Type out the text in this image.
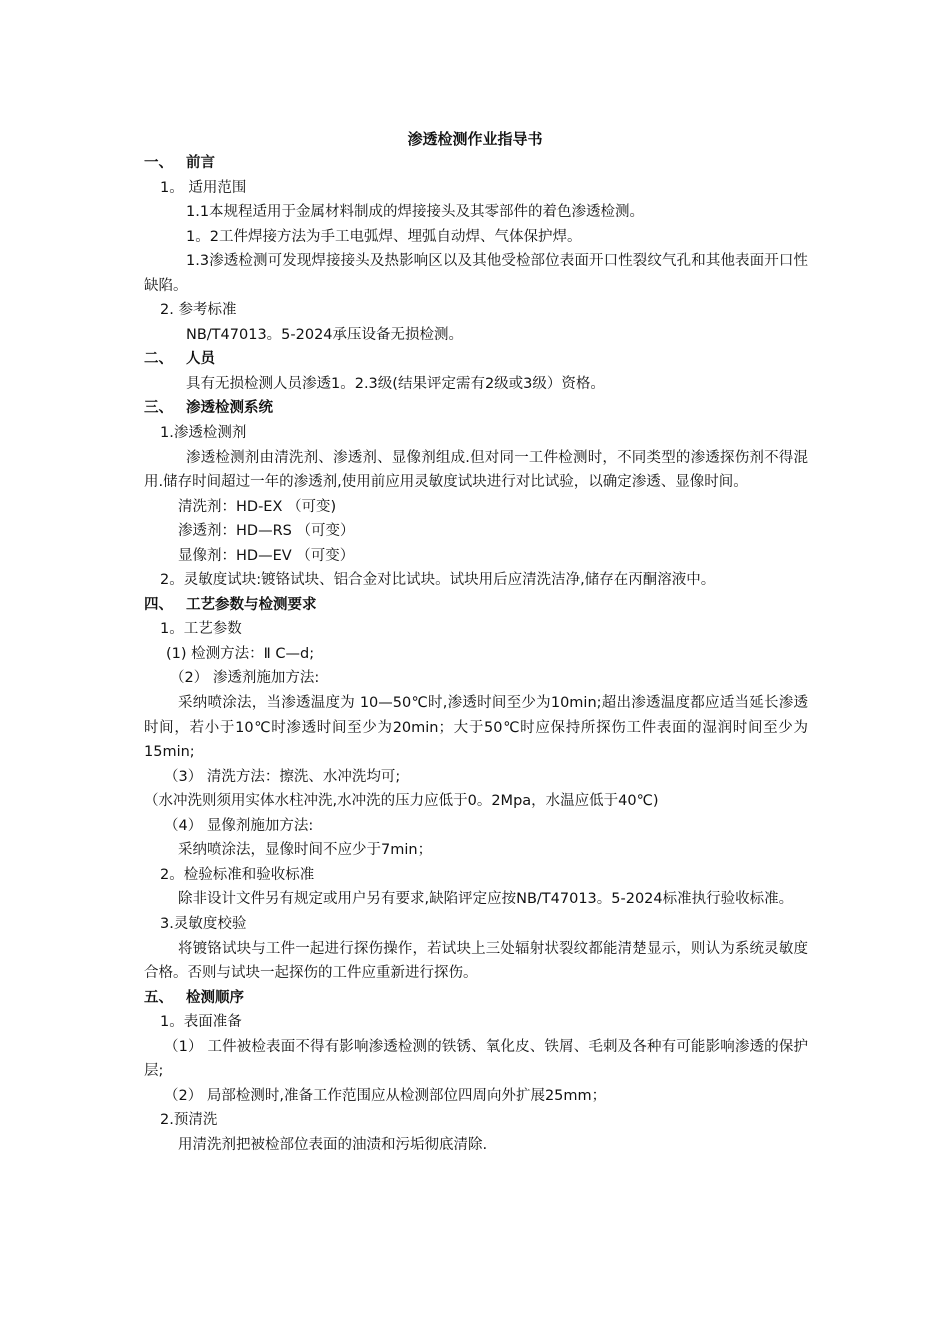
渗透检测作业指导书
一、 前言
1。 适用范围
1.1本规程适用于金属材料制成的焊接接头及其零部件的着色渗透检测。
1。2工件焊接方法为手工电弧焊、埋弧自动焊、气体保护焊。
1.3渗透检测可发现焊接接头及热影响区以及其他受检部位表面开口性裂纹气孔和其他表面开口性缺陷。
2. 参考标准
NB/T47013。5-2024承压设备无损检测。
二、 人员
具有无损检测人员渗透1。2.3级(结果评定需有2级或3级）资格。
三、 渗透检测系统
1.渗透检测剂
渗透检测剂由清洗剂、渗透剂、显像剂组成.但对同一工件检测时，不同类型的渗透探伤剂不得混用.储存时间超过一年的渗透剂,使用前应用灵敏度试块进行对比试验，以确定渗透、显像时间。
清洗剂：HD-EX （可变)
渗透剂：HD—RS （可变）
显像剂：HD—EV （可变）
2。灵敏度试块:镀铬试块、铝合金对比试块。试块用后应清洗洁净,储存在丙酮溶液中。
四、 工艺参数与检测要求
1。工艺参数
(1) 检测方法：Ⅱ C—d;
（2） 渗透剂施加方法:
采纳喷涂法，当渗透温度为 10—50℃时,渗透时间至少为10min;超出渗透温度都应适当延长渗透时间，若小于10℃时渗透时间至少为20min；大于50℃时应保持所探伤工件表面的湿润时间至少为15min;
（3） 清洗方法：擦洗、水冲洗均可;
（水冲洗则须用实体水柱冲洗,水冲洗的压力应低于0。2Mpa，水温应低于40℃)
（4） 显像剂施加方法:
采纳喷涂法，显像时间不应少于7min；
2。检验标准和验收标准
除非设计文件另有规定或用户另有要求,缺陷评定应按NB/T47013。5-2024标准执行验收标准。
3.灵敏度校验
将镀铬试块与工件一起进行探伤操作，若试块上三处辐射状裂纹都能清楚显示，则认为系统灵敏度合格。否则与试块一起探伤的工件应重新进行探伤。
五、 检测顺序
1。表面准备
（1） 工件被检表面不得有影响渗透检测的铁锈、氧化皮、铁屑、毛刺及各种有可能影响渗透的保护层;
（2） 局部检测时,准备工作范围应从检测部位四周向外扩展25mm；
2.预清洗
用清洗剂把被检部位表面的油渍和污垢彻底清除.
